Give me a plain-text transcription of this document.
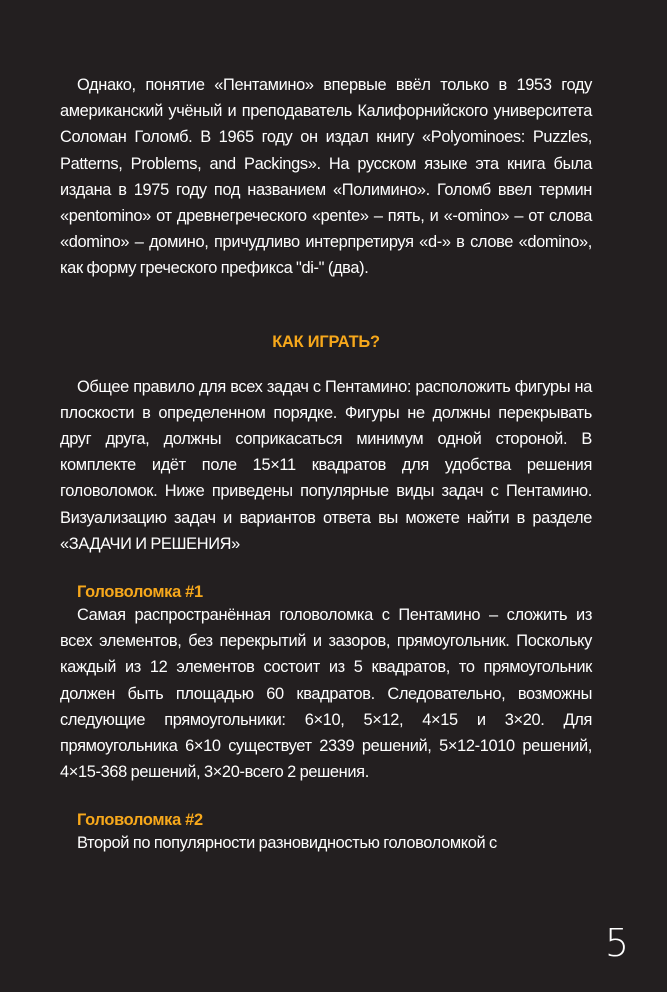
Однако, понятие «Пентамино» впервые ввёл только в 1953 году американский учёный и преподаватель Калифорнийского университета Соломан Голомб. В 1965 году он издал книгу «Polyominoes: Puzzles, Patterns, Problems, and Packings». На русском языке эта книга была издана в 1975 году под названием «Полимино». Голомб ввел термин «pentomino» от древнегреческого «pente» – пять, и «-omino» – от слова «domino» – домино, причудливо интерпретируя «d-» в слове «domino», как форму греческого префикса "di-" (два).

КАК ИГРАТЬ?

Общее правило для всех задач с Пентамино: расположить фигуры на плоскости в определенном порядке. Фигуры не должны перекрывать друг друга, должны соприкасаться минимум одной стороной. В комплекте идёт поле 15×11 квадратов для удобства решения головоломок. Ниже приведены популярные виды задач с Пентамино. Визуализацию задач и вариантов ответа вы можете найти в разделе «ЗАДАЧИ И РЕШЕНИЯ»

Головоломка #1

Самая распространённая головоломка с Пентамино – сложить из всех элементов, без перекрытий и зазоров, прямоугольник. Поскольку каждый из 12 элементов состоит из 5 квадратов, то прямоугольник должен быть площадью 60 квадратов. Следовательно, возможны следующие прямоугольники: 6×10, 5×12, 4×15 и 3×20. Для прямоугольника 6×10 существует 2339 решений, 5×12-1010 решений, 4×15-368 решений, 3×20-всего 2 решения.

Головоломка #2

Второй по популярности разновидностью головоломкой с

5
